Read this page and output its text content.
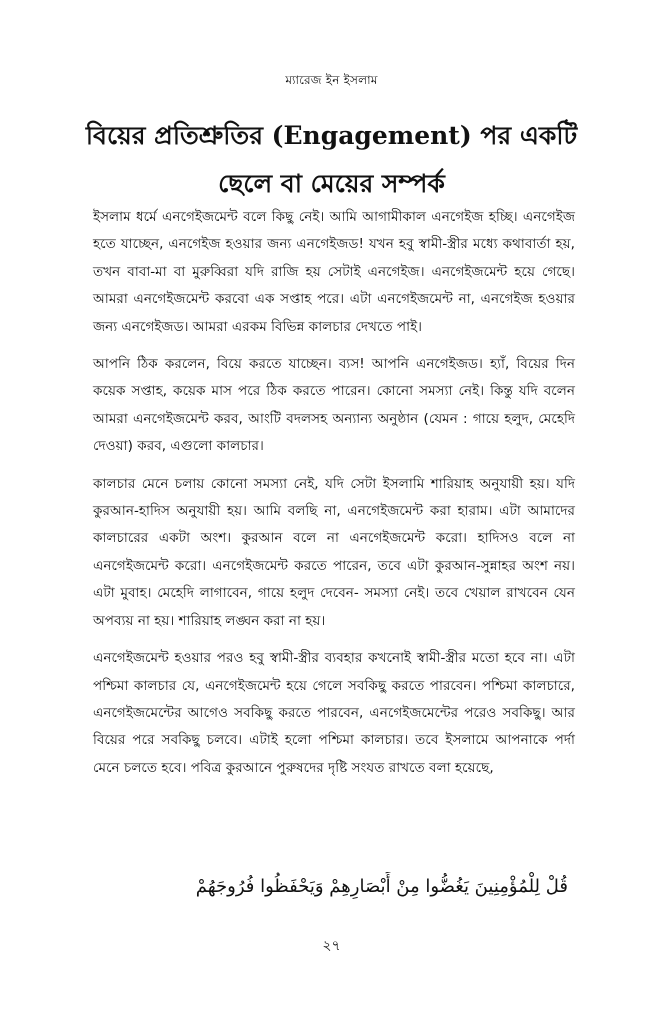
ম্যারেজ ইন ইসলাম
বিয়ের প্রতিশ্রুতির (Engagement) পর একটি
ছেলে বা মেয়ের সম্পর্ক

ইসলাম ধর্মে এনগেইজমেন্ট বলে কিছু নেই। আমি আগামীকাল এনগেইজ হচ্ছি। এনগেইজ হতে যাচ্ছেন, এনগেইজ হওয়ার জন্য এনগেইজড! যখন হবু স্বামী-স্ত্রীর মধ্যে কথাবার্তা হয়, তখন বাবা-মা বা মুরুব্বিরা যদি রাজি হয় সেটাই এনগেইজ। এনগেইজমেন্ট হয়ে গেছে। আমরা এনগেইজমেন্ট করবো এক সপ্তাহ পরে। এটা এনগেইজমেন্ট না, এনগেইজ হওয়ার জন্য এনগেইজড। আমরা এরকম বিভিন্ন কালচার দেখতে পাই।

আপনি ঠিক করলেন, বিয়ে করতে যাচ্ছেন। ব্যস! আপনি এনগেইজড। হ্যাঁ, বিয়ের দিন কয়েক সপ্তাহ, কয়েক মাস পরে ঠিক করতে পারেন। কোনো সমস্যা নেই। কিন্তু যদি বলেন আমরা এনগেইজমেন্ট করব, আংটি বদলসহ অন্যান্য অনুষ্ঠান (যেমন : গায়ে হলুদ, মেহেদি দেওয়া) করব, এগুলো কালচার।

কালচার মেনে চলায় কোনো সমস্যা নেই, যদি সেটা ইসলামি শারিয়াহ অনুযায়ী হয়। যদি কুরআন-হাদিস অনুযায়ী হয়। আমি বলছি না, এনগেইজমেন্ট করা হারাম। এটা আমাদের কালচারের একটা অংশ। কুরআন বলে না এনগেইজমেন্ট করো। হাদিসও বলে না এনগেইজমেন্ট করো। এনগেইজমেন্ট করতে পারেন, তবে এটা কুরআন-সুন্নাহর অংশ নয়। এটা মুবাহ। মেহেদি লাগাবেন, গায়ে হলুদ দেবেন- সমস্যা নেই। তবে খেয়াল রাখবেন যেন অপব্যয় না হয়। শারিয়াহ লঙ্ঘন করা না হয়।

এনগেইজমেন্ট হওয়ার পরও হবু স্বামী-স্ত্রীর ব্যবহার কখনোই স্বামী-স্ত্রীর মতো হবে না। এটা পশ্চিমা কালচার যে, এনগেইজমেন্ট হয়ে গেলে সবকিছু করতে পারবেন। পশ্চিমা কালচারে, এনগেইজমেন্টের আগেও সবকিছু করতে পারবেন, এনগেইজমেন্টের পরেও সবকিছু। আর বিয়ের পরে সবকিছু চলবে। এটাই হলো পশ্চিমা কালচার। তবে ইসলামে আপনাকে পর্দা মেনে চলতে হবে। পবিত্র কুরআনে পুরুষদের দৃষ্টি সংযত রাখতে বলা হয়েছে,

قُلْ لِلْمُؤْمِنِينَ يَغُضُّوا مِنْ أَبْصَارِهِمْ وَيَحْفَظُوا فُرُوجَهُمْ
২৭
